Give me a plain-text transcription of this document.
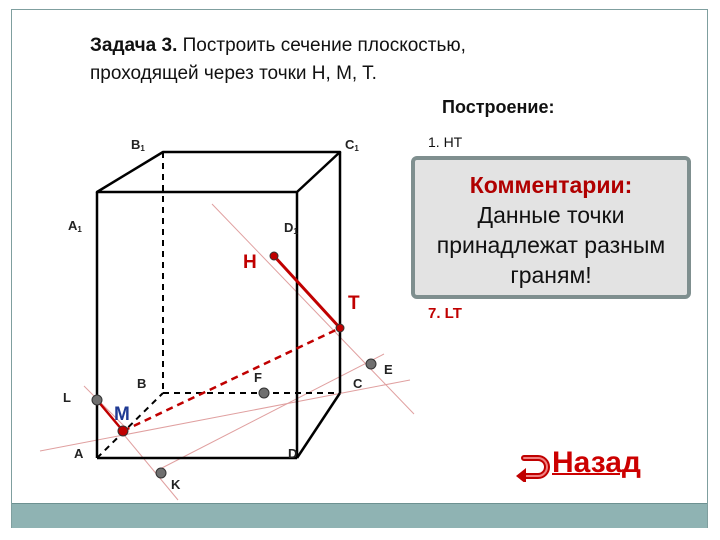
Задача 3. Построить сечение плоскостью,
проходящей через точки H, M, T.
Построение:
1. НТ
7. LT
B1	C1
A1	D1
B	C
A	D
L
K
F
E
H
T
M
Комментарии:
Данные точки принадлежат разным граням!
Назад
